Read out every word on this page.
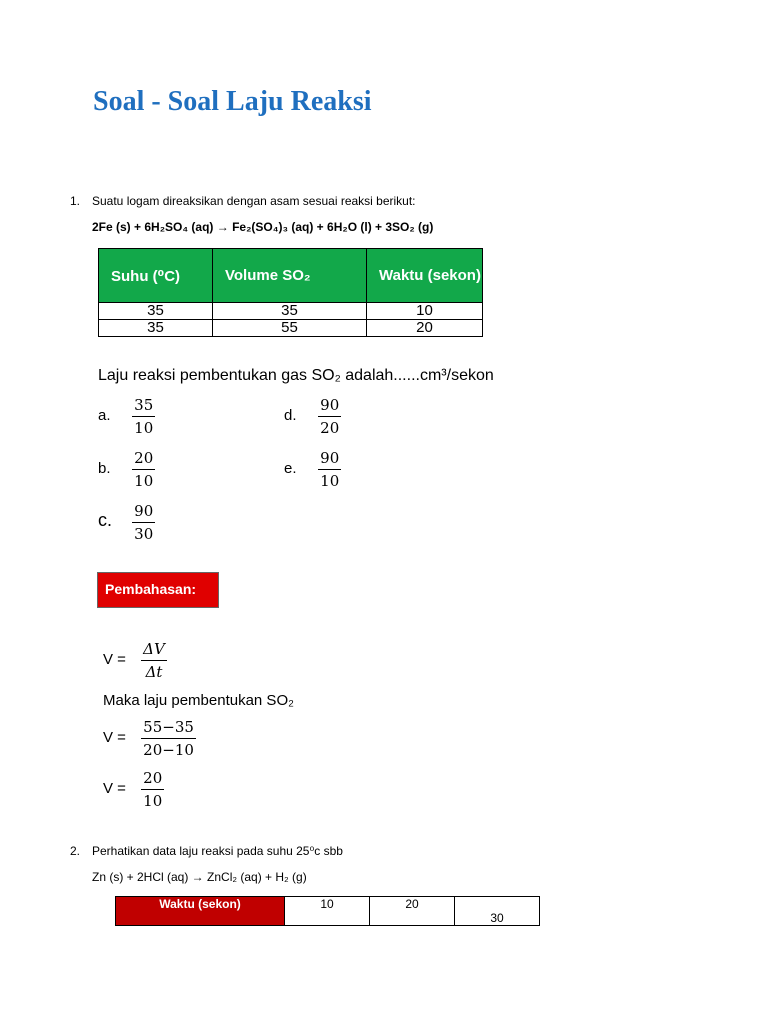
Soal - Soal Laju Reaksi
1. Suatu logam direaksikan dengan asam sesuai reaksi berikut:
2Fe (s) + 6H₂SO₄ (aq) → Fe₂(SO₄)₃ (aq) + 6H₂O (l) + 3SO₂ (g)
Suhu (⁰C)	Volume SO₂	Waktu (sekon)
35	35	10
35	55	20
Laju reaksi pembentukan gas SO₂ adalah......cm³/sekon
a. $\frac{35}{10}$	d. $\frac{90}{20}$
b. $\frac{20}{10}$	e. $\frac{90}{10}$
c. $\frac{90}{30}$
Pembahasan:
$V = \frac{\Delta V}{\Delta t}$
Maka laju pembentukan SO₂
$V = \frac{55-35}{20-10}$
$V = \frac{20}{10}$
2. Perhatikan data laju reaksi pada suhu 25⁰c sbb
Zn (s) + 2HCl (aq) → ZnCl₂ (aq) + H₂ (g)
Waktu (sekon)	10	20	30
